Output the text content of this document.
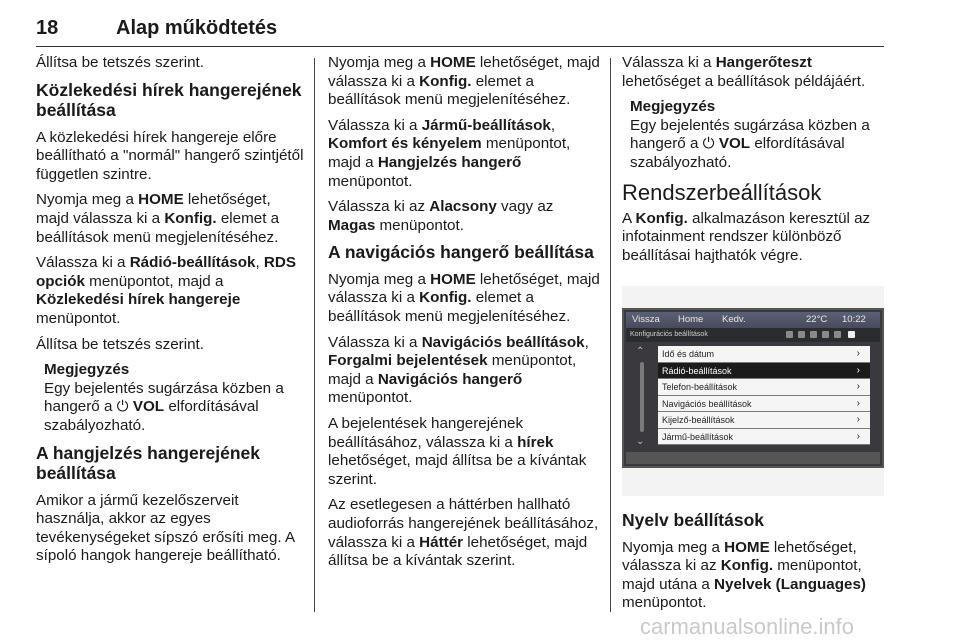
18	Alap működtetés

Állítsa be tetszés szerint.

Közlekedési hírek hangerejének beállítása

A közlekedési hírek hangereje előre beállítható a "normál" hangerő szintjétől független szintre.

Nyomja meg a HOME lehetőséget, majd válassza ki a Konfig. elemet a beállítások menü megjelenítéséhez.

Válassza ki a Rádió-beállítások, RDS opciók menüpontot, majd a Közlekedési hírek hangereje menüpontot.

Állítsa be tetszés szerint.

Megjegyzés
Egy bejelentés sugárzása közben a hangerő a ⏻ VOL elfordításával szabályozható.
A hangjelzés hangerejének beállítása

Amikor a jármű kezelőszerveit használja, akkor az egyes tevékenységeket sípszó erősíti meg. A sípoló hangok hangereje beállítható.

Nyomja meg a HOME lehetőséget, majd válassza ki a Konfig. elemet a beállítások menü megjelenítéséhez.

Válassza ki a Jármű-beállítások, Komfort és kényelem menüpontot, majd a Hangjelzés hangerő menüpontot.

Válassza ki az Alacsony vagy az Magas menüpontot.

A navigációs hangerő beállítása

Nyomja meg a HOME lehetőséget, majd válassza ki a Konfig. elemet a beállítások menü megjelenítéséhez.

Válassza ki a Navigációs beállítások, Forgalmi bejelentések menüpontot, majd a Navigációs hangerő menüpontot.

A bejelentések hangerejének beállításához, válassza ki a hírek lehetőséget, majd állítsa be a kívántak szerint.

Az esetlegesen a háttérben hallható audioforrás hangerejének beállításához, válassza ki a Háttér lehetőséget, majd állítsa be a kívántak szerint.

Válassza ki a Hangerőteszt lehetőséget a beállítások példájáért.

Megjegyzés
Egy bejelentés sugárzása közben a hangerő a ⏻ VOL elfordításával szabályozható.
Rendszerbeállítások

A Konfig. alkalmazáson keresztül az infotainment rendszer különböző beállításai hajthatók végre.

Vissza Home Kedv.	22°C 10:22
Konfigurációs beállítások
⌃
⌄
Idő és dátum	›
Rádió-beállítások	›
Telefon-beállítások	›
Navigációs beállítások	›
Kijelző-beállítások	›
Jármű-beállítások	›
Nyelv beállítások

Nyomja meg a HOME lehetőséget, válassza ki az Konfig. menüpontot, majd utána a Nyelvek (Languages) menüpontot.

carmanualsonline.info
